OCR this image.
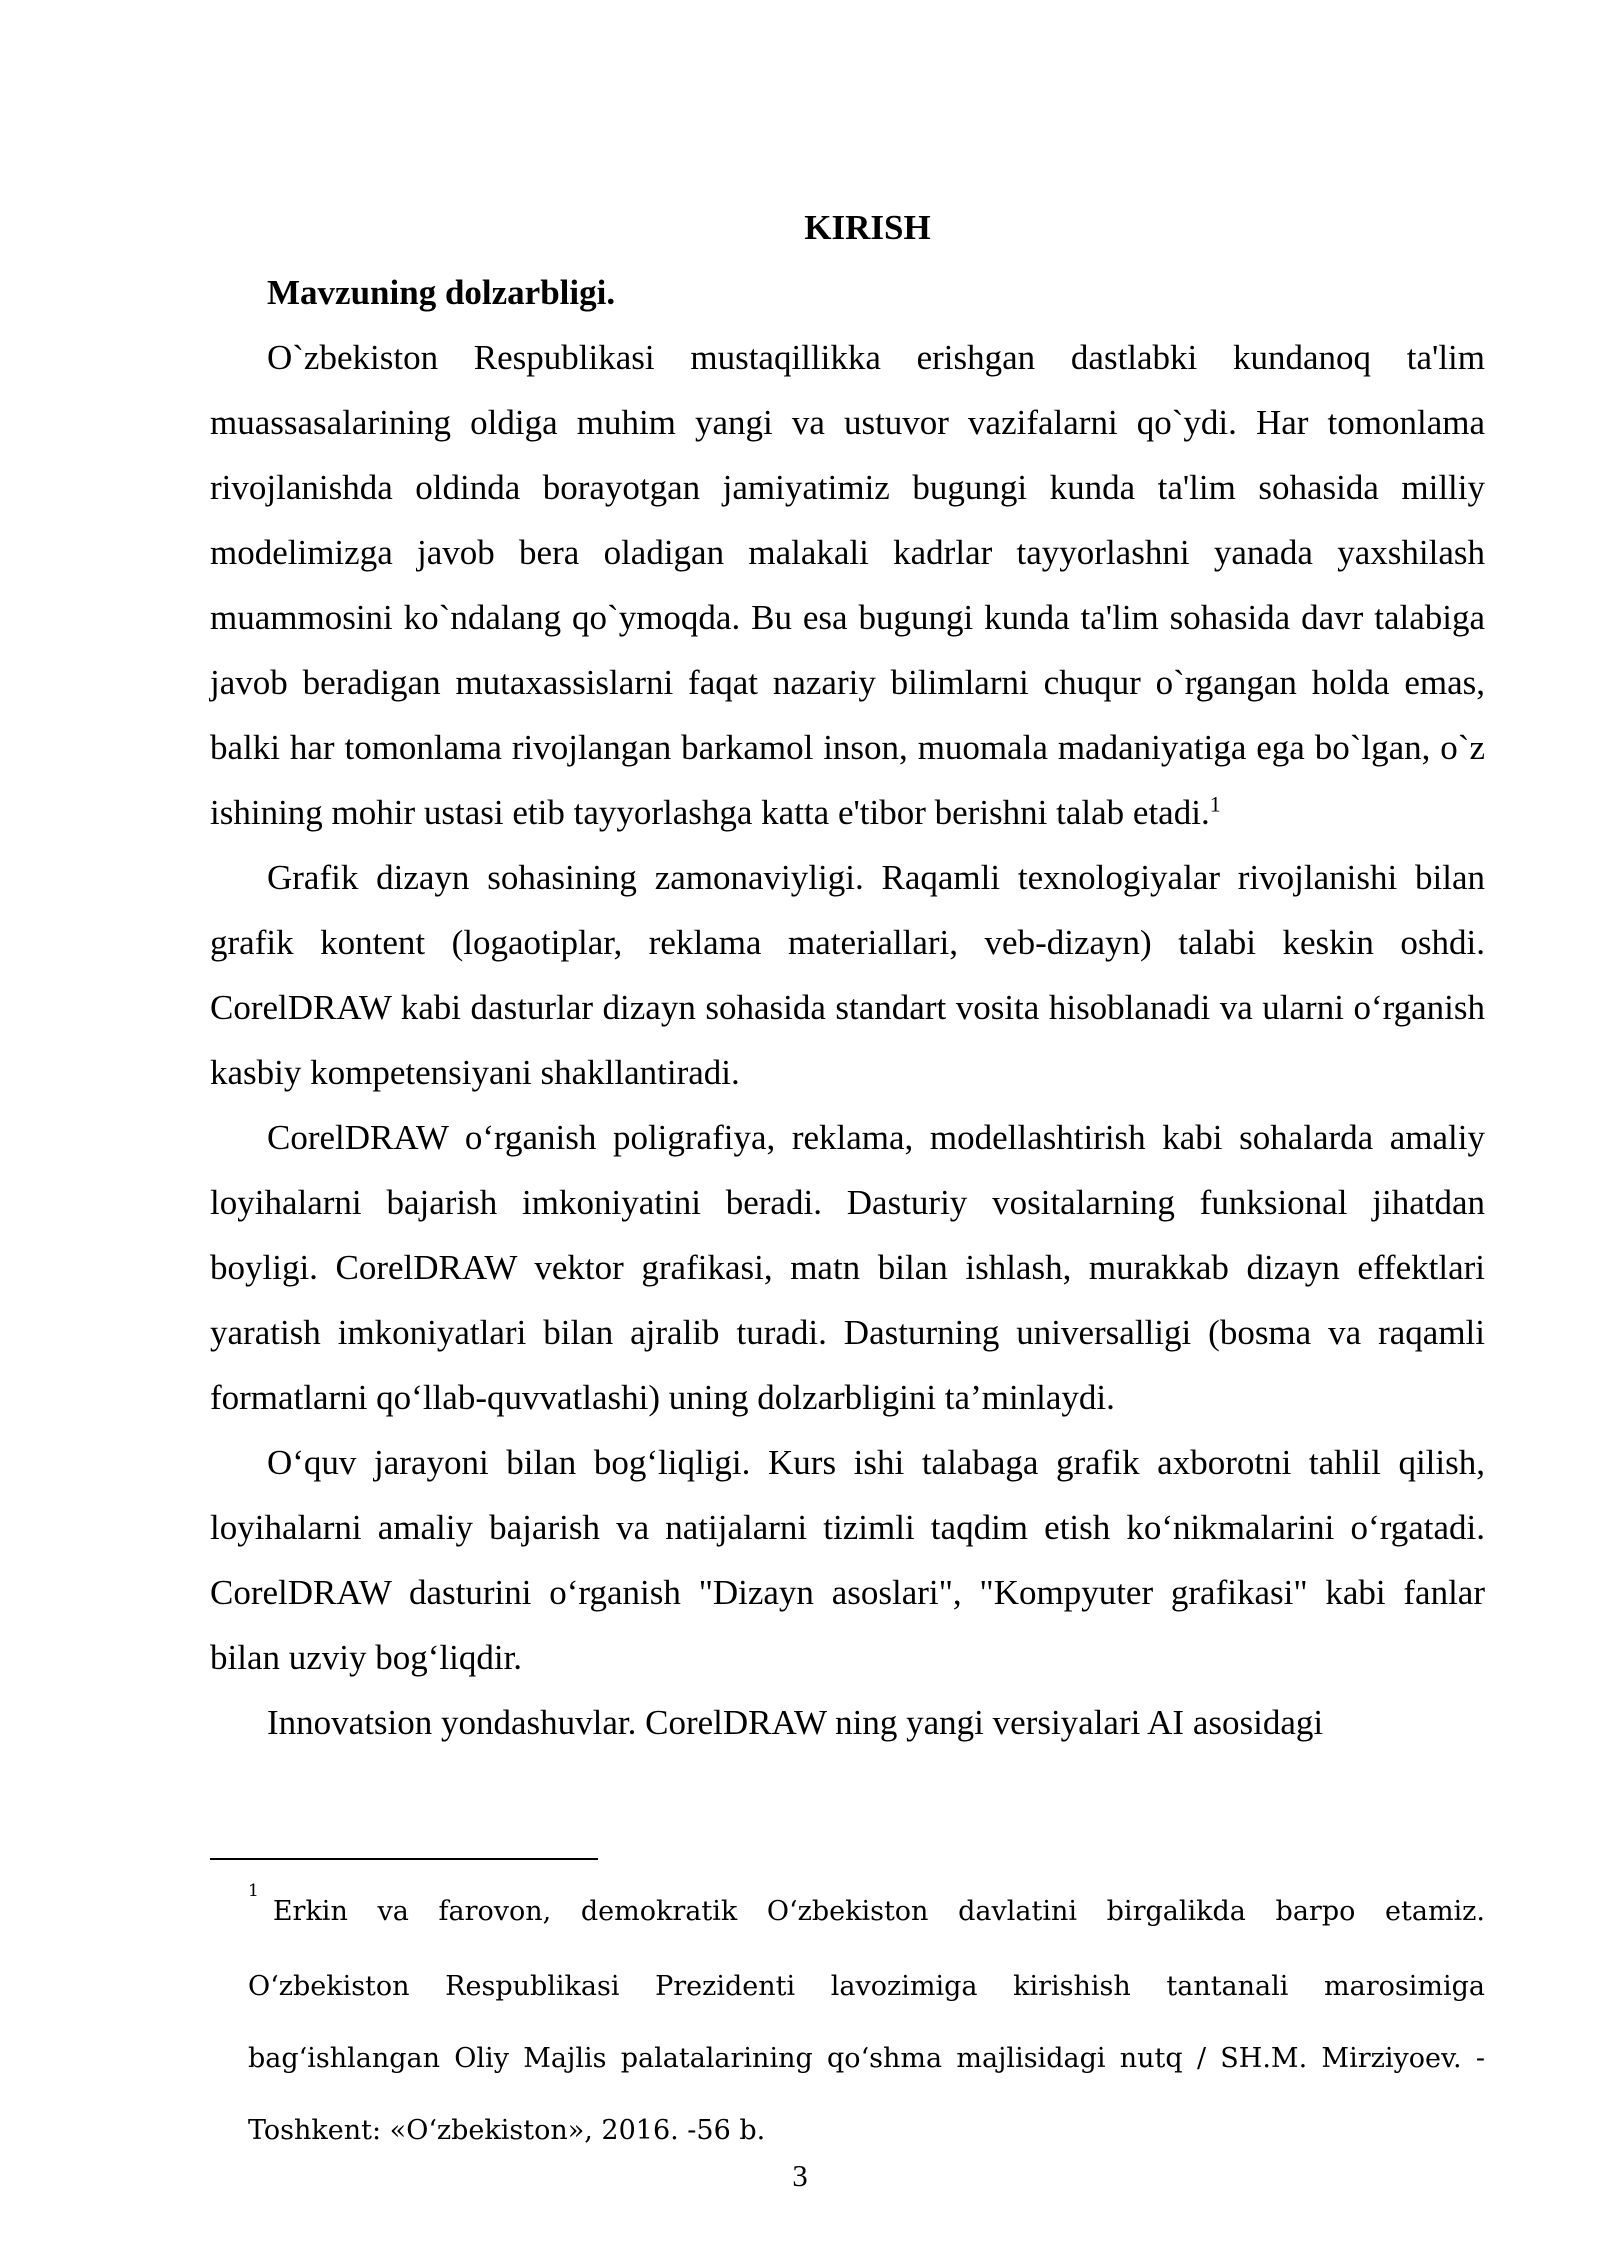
KIRISH

Mavzuning dolzarbligi.

O`zbekiston Respublikasi mustaqillikka erishgan dastlabki kundanoq ta'lim muassasalarining oldiga muhim yangi va ustuvor vazifalarni qo`ydi. Har tomonlama rivojlanishda oldinda borayotgan jamiyatimiz bugungi kunda ta'lim sohasida milliy modelimizga javob bera oladigan malakali kadrlar tayyorlashni yanada yaxshilash muammosini ko`ndalang qo`ymoqda. Bu esa bugungi kunda ta'lim sohasida davr talabiga javob beradigan mutaxassislarni faqat nazariy bilimlarni chuqur o`rgangan holda emas, balki har tomonlama rivojlangan barkamol inson, muomala madaniyatiga ega bo`lgan, o`z ishining mohir ustasi etib tayyorlashga katta e'tibor berishni talab etadi.$^1$

Grafik dizayn sohasining zamonaviyligi. Raqamli texnologiyalar rivojlanishi bilan grafik kontent (logaotiplar, reklama materiallari, veb-dizayn) talabi keskin oshdi. CorelDRAW kabi dasturlar dizayn sohasida standart vosita hisoblanadi va ularni o‘rganish kasbiy kompetensiyani shakllantiradi.

CorelDRAW o‘rganish poligrafiya, reklama, modellashtirish kabi sohalarda amaliy loyihalarni bajarish imkoniyatini beradi. Dasturiy vositalarning funksional jihatdan boyligi. CorelDRAW vektor grafikasi, matn bilan ishlash, murakkab dizayn effektlari yaratish imkoniyatlari bilan ajralib turadi. Dasturning universalligi (bosma va raqamli formatlarni qo‘llab-quvvatlashi) uning dolzarbligini ta’minlaydi.

O‘quv jarayoni bilan bog‘liqligi. Kurs ishi talabaga grafik axborotni tahlil qilish, loyihalarni amaliy bajarish va natijalarni tizimli taqdim etish ko‘nikmalarini o‘rgatadi. CorelDRAW dasturini o‘rganish "Dizayn asoslari", "Kompyuter grafikasi" kabi fanlar bilan uzviy bog‘liqdir.

Innovatsion yondashuvlar. CorelDRAW ning yangi versiyalari AI asosidagi

$^1$Erkin va farovon, demokratik O‘zbekiston davlatini birgalikda barpo etamiz. O‘zbekiston Respublikasi Prezidenti lavozimiga kirishish tantanali marosimiga bag‘ishlangan Oliy Majlis palatalarining qo‘shma majlisidagi nutq / SH.M. Mirziyoev. - Toshkent: «O‘zbekiston», 2016. -56 b.

3
